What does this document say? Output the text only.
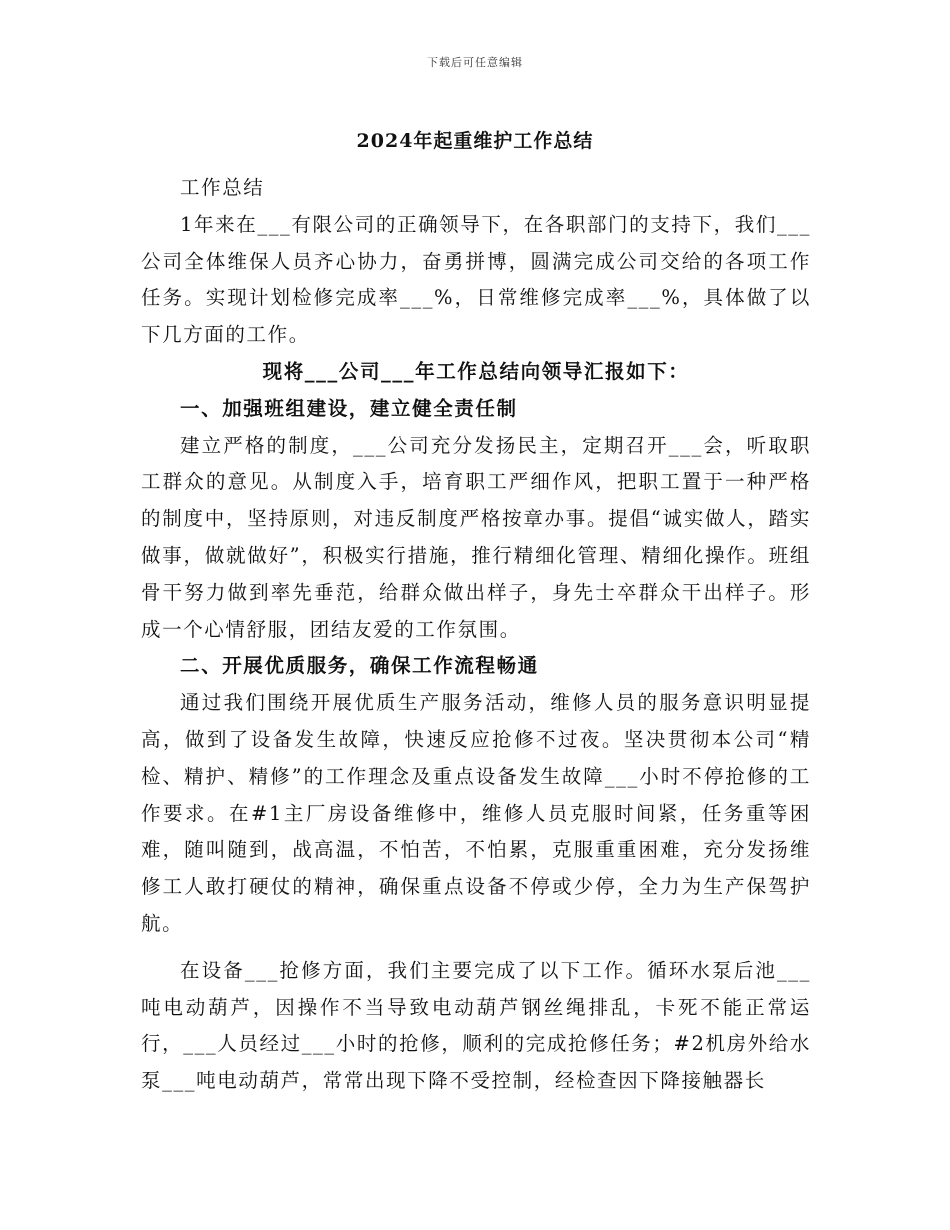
下载后可任意编辑
2024年起重维护工作总结

工作总结

1年来在___有限公司的正确领导下，在各职部门的支持下，我们___公司全体维保人员齐心协力，奋勇拼博，圆满完成公司交给的各项工作任务。实现计划检修完成率___%，日常维修完成率___%，具体做了以下几方面的工作。

现将___公司___年工作总结向领导汇报如下：

一、加强班组建设，建立健全责任制

建立严格的制度，___公司充分发扬民主，定期召开___会，听取职工群众的意见。从制度入手，培育职工严细作风，把职工置于一种严格的制度中，坚持原则，对违反制度严格按章办事。提倡“诚实做人，踏实做事，做就做好”，积极实行措施，推行精细化管理、精细化操作。班组骨干努力做到率先垂范，给群众做出样子，身先士卒群众干出样子。形成一个心情舒服，团结友爱的工作氛围。

二、开展优质服务，确保工作流程畅通

通过我们围绕开展优质生产服务活动，维修人员的服务意识明显提高，做到了设备发生故障，快速反应抢修不过夜。坚决贯彻本公司“精检、精护、精修”的工作理念及重点设备发生故障___小时不停抢修的工作要求。在#1主厂房设备维修中，维修人员克服时间紧，任务重等困难，随叫随到，战高温，不怕苦，不怕累，克服重重困难，充分发扬维修工人敢打硬仗的精神，确保重点设备不停或少停，全力为生产保驾护航。

在设备___抢修方面，我们主要完成了以下工作。循环水泵后池___吨电动葫芦，因操作不当导致电动葫芦钢丝绳排乱，卡死不能正常运行，___人员经过___小时的抢修，顺利的完成抢修任务；#2机房外给水泵___吨电动葫芦，常常出现下降不受控制，经检查因下降接触器长
